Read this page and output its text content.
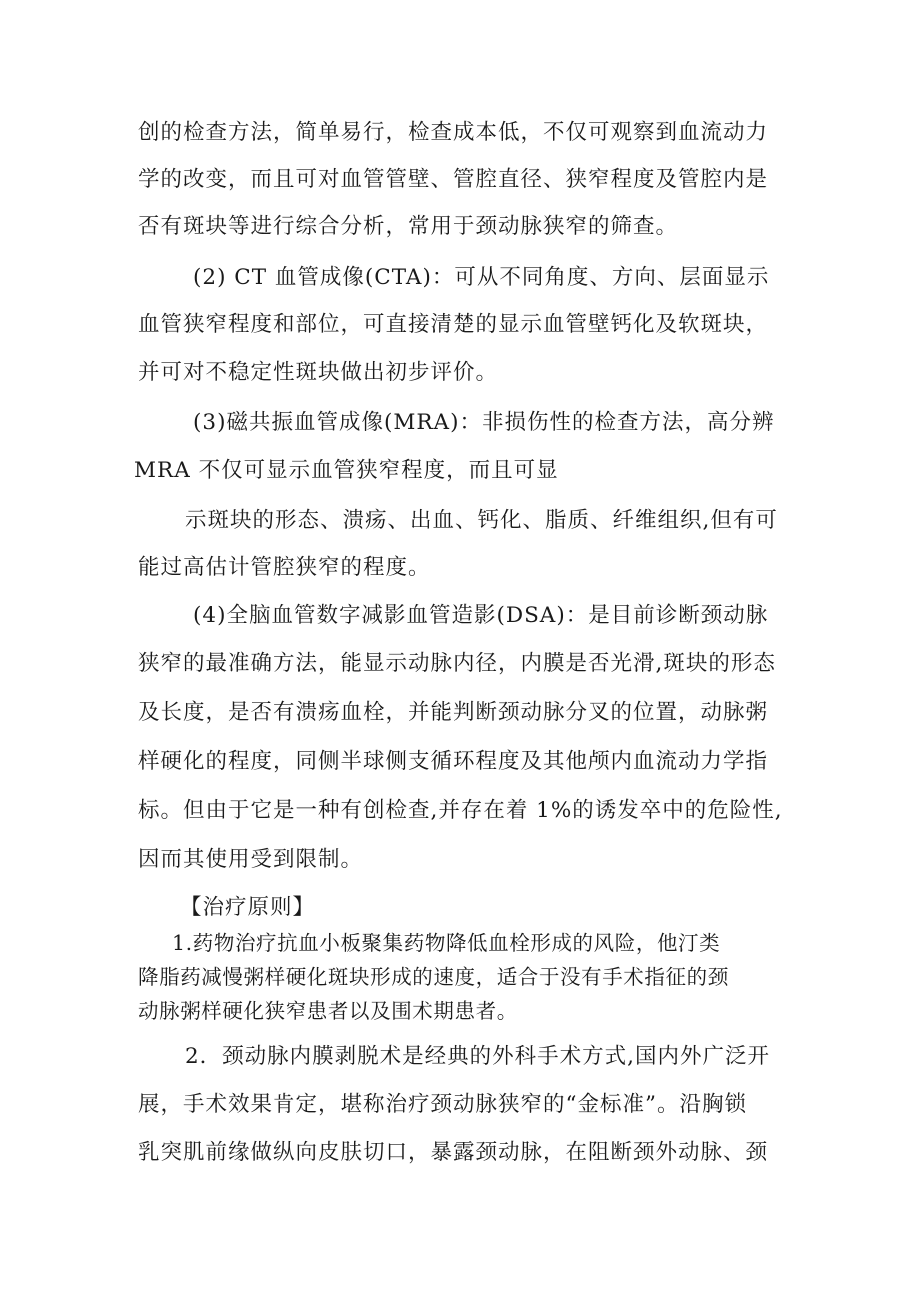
创的检查方法，简单易行，检查成本低，不仅可观察到血流动力
学的改变，而且可对血管管壁、管腔直径、狭窄程度及管腔内是
否有斑块等进行综合分析，常用于颈动脉狭窄的筛查。
(2) CT 血管成像(CTA)：可从不同角度、方向、层面显示
血管狭窄程度和部位，可直接清楚的显示血管壁钙化及软斑块，
并可对不稳定性斑块做出初步评价。
(3)磁共振血管成像(MRA)：非损伤性的检查方法，高分辨
MRA 不仅可显示血管狭窄程度，而且可显
示斑块的形态、溃疡、出血、钙化、脂质、纤维组织,但有可
能过高估计管腔狭窄的程度。
(4)全脑血管数字减影血管造影(DSA)：是目前诊断颈动脉
狭窄的最准确方法，能显示动脉内径，内膜是否光滑,斑块的形态
及长度，是否有溃疡血栓，并能判断颈动脉分叉的位置，动脉粥
样硬化的程度，同侧半球侧支循环程度及其他颅内血流动力学指
标。但由于它是一种有创检查,并存在着 1%的诱发卒中的危险性,
因而其使用受到限制。
【治疗原则】
1.药物治疗抗血小板聚集药物降低血栓形成的风险，他汀类
降脂药减慢粥样硬化斑块形成的速度，适合于没有手术指征的颈
动脉粥样硬化狭窄患者以及围术期患者。
2．颈动脉内膜剥脱术是经典的外科手术方式,国内外广泛开
展，手术效果肯定，堪称治疗颈动脉狭窄的“金标准”。沿胸锁
乳突肌前缘做纵向皮肤切口，暴露颈动脉，在阻断颈外动脉、颈
